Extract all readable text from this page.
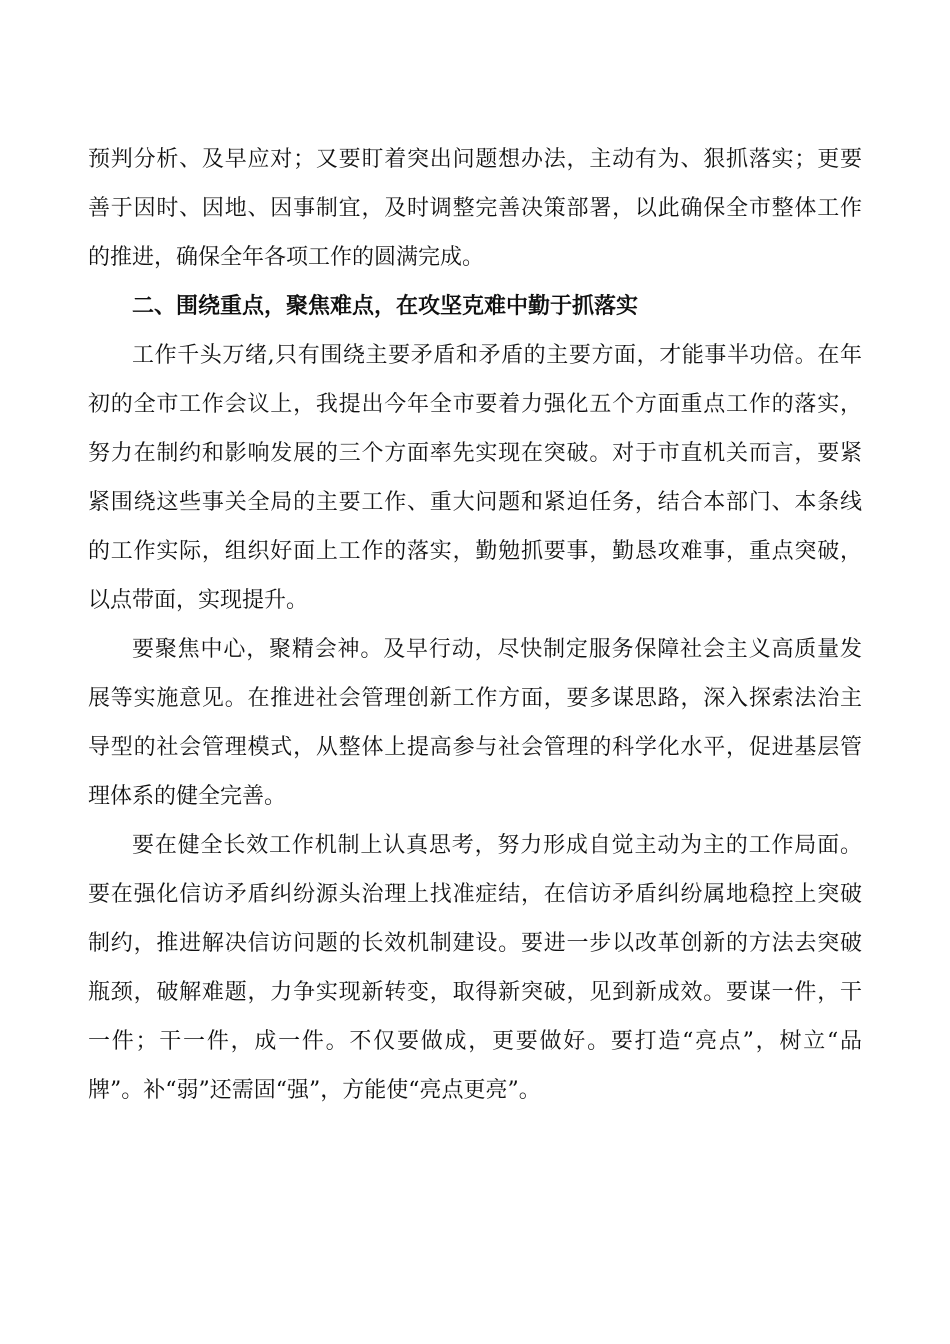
预判分析、及早应对；又要盯着突出问题想办法，主动有为、狠抓落实；更要
善于因时、因地、因事制宜，及时调整完善决策部署，以此确保全市整体工作
的推进，确保全年各项工作的圆满完成。
二、围绕重点，聚焦难点，在攻坚克难中勤于抓落实
工作千头万绪,只有围绕主要矛盾和矛盾的主要方面，才能事半功倍。在年
初的全市工作会议上，我提出今年全市要着力强化五个方面重点工作的落实，
努力在制约和影响发展的三个方面率先实现在突破。对于市直机关而言，要紧
紧围绕这些事关全局的主要工作、重大问题和紧迫任务，结合本部门、本条线
的工作实际，组织好面上工作的落实，勤勉抓要事，勤恳攻难事，重点突破，
以点带面，实现提升。
要聚焦中心，聚精会神。及早行动，尽快制定服务保障社会主义高质量发
展等实施意见。在推进社会管理创新工作方面，要多谋思路，深入探索法治主
导型的社会管理模式，从整体上提高参与社会管理的科学化水平，促进基层管
理体系的健全完善。
要在健全长效工作机制上认真思考，努力形成自觉主动为主的工作局面。
要在强化信访矛盾纠纷源头治理上找准症结，在信访矛盾纠纷属地稳控上突破
制约，推进解决信访问题的长效机制建设。要进一步以改革创新的方法去突破
瓶颈，破解难题，力争实现新转变，取得新突破，见到新成效。要谋一件，干
一件；干一件，成一件。不仅要做成，更要做好。要打造“亮点”，树立“品
牌”。补“弱”还需固“强”，方能使“亮点更亮”。
